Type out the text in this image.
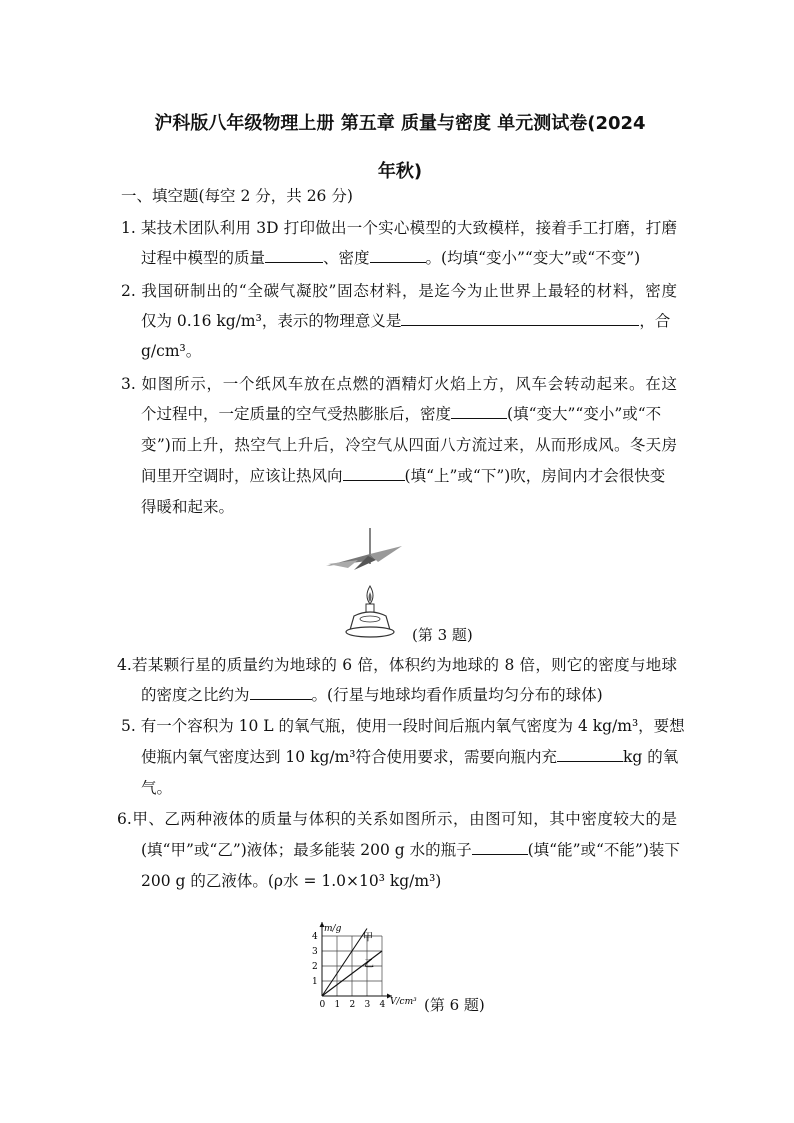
沪科版八年级物理上册 第五章 质量与密度 单元测试卷(2024
年秋)
一、填空题(每空 2 分，共 26 分)
1. 某技术团队利用 3D 打印做出一个实心模型的大致模样，接着手工打磨，打磨
过程中模型的质量	、密度	。(均填“变小”“变大”或“不变”)
2. 我国研制出的“全碳气凝胶”固态材料，是迄今为止世界上最轻的材料，密度
仅为 0.16 kg/m³，表示的物理意义是	，合
g/cm³。
3. 如图所示，一个纸风车放在点燃的酒精灯火焰上方，风车会转动起来。在这
个过程中，一定质量的空气受热膨胀后，密度	(填“变大”“变小”或“不
变”)而上升，热空气上升后，冷空气从四面八方流过来，从而形成风。冬天房
间里开空调时，应该让热风向	(填“上”或“下”)吹，房间内才会很快变
得暖和起来。
(第 3 题)
4.若某颗行星的质量约为地球的 6 倍，体积约为地球的 8 倍，则它的密度与地球
的密度之比约为	。(行星与地球均看作质量均匀分布的球体)
5. 有一个容积为 10 L 的氧气瓶，使用一段时间后瓶内氧气密度为 4 kg/m³，要想
使瓶内氧气密度达到 10 kg/m³符合使用要求，需要向瓶内充	kg 的氧
气。
6.甲、乙两种液体的质量与体积的关系如图所示，由图可知，其中密度较大的是
(填“甲”或“乙”)液体；最多能装 200 g 水的瓶子	(填“能”或“不能”)装下
200 g 的乙液体。(ρ水 = 1.0×10³ kg/m³)
V/cm³
m/g
0 1 2 3 4
1
2
3
4	甲
乙
(第 6 题)
